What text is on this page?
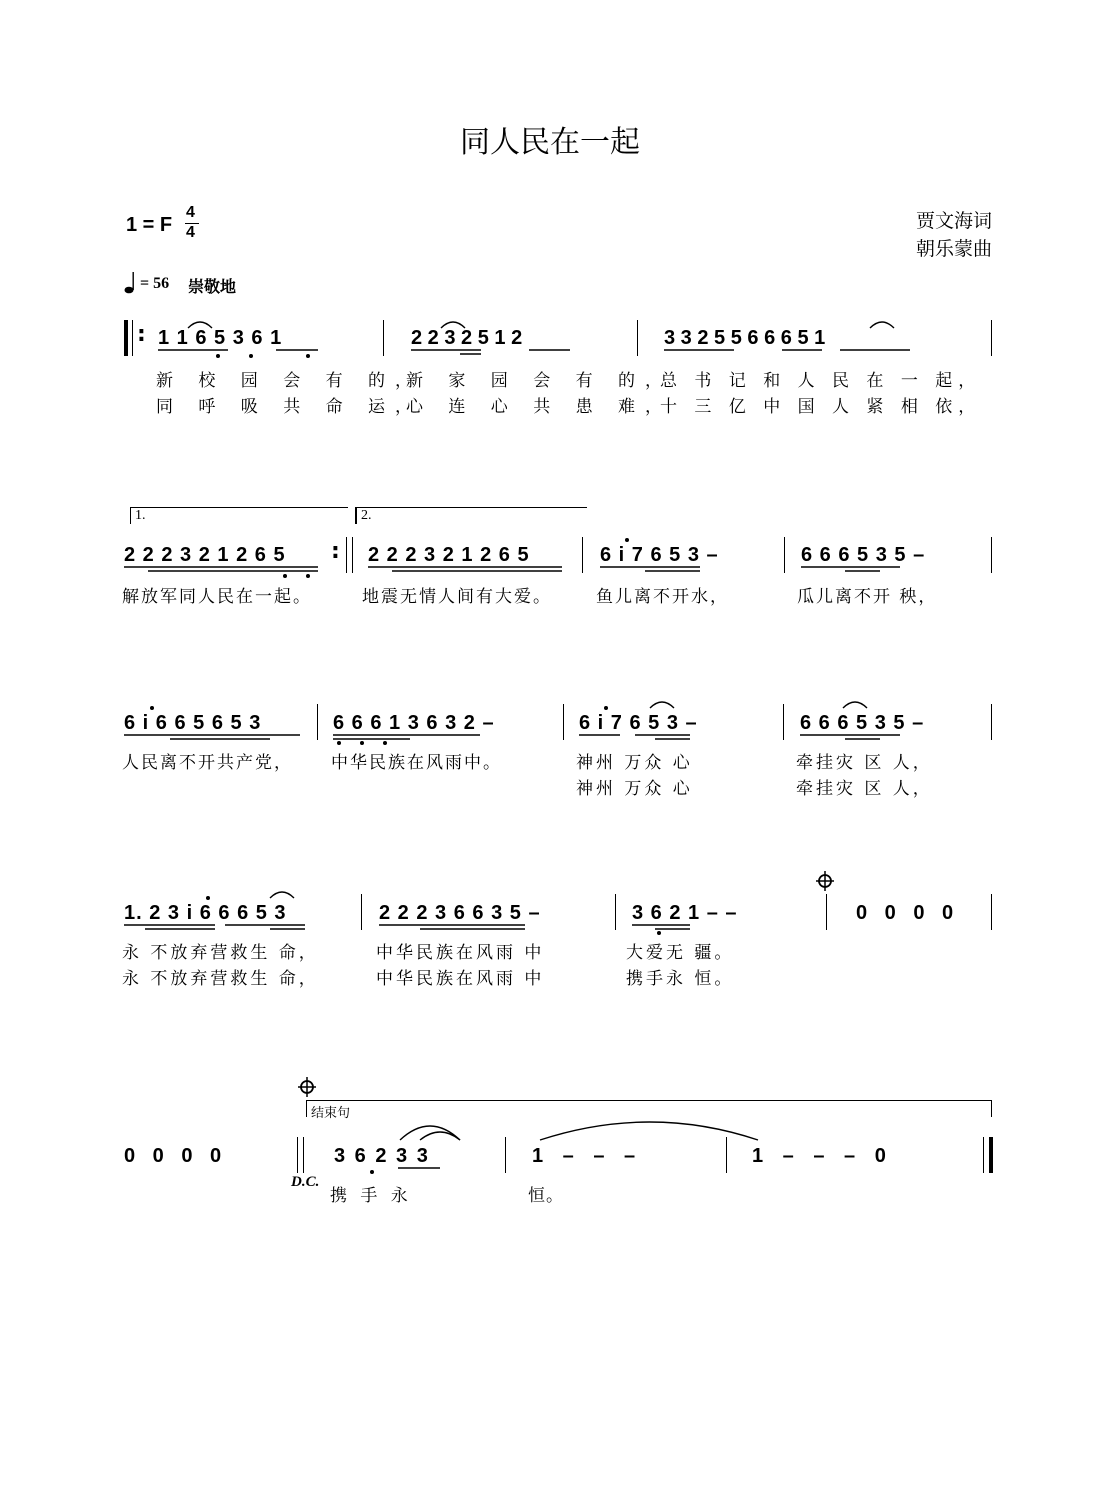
同人民在一起
1 = F
4
4
贾文海词
朝乐蒙曲
= 56 崇敬地
: 1 1 6 5 3 6 1	2 2 3 2 5 1 2	3 3 2 5 5 6 6 6 5 1
新 校 园 会 有 的，
新 家 园 会 有 的，
总 书 记 和 人 民 在 一 起，
同 呼 吸 共 命 运，
心 连 心 共 患 难，
十 三 亿 中 国 人 紧 相 依，
1.	2.
2 2 2 3 2 1 2 6 5 : 2 2 2 3 2 1 2 6 5	6 i 7 6 5 3 –	6 6 6 5 3 5 –
解放军同人民在一起。	地震无情人间有大爱。	鱼儿离不开水，	瓜儿离不开 秧，
6 i 6 6 5 6 5 3	6 6 6 1 3 6 3 2 –	6 i 7 6 5 3 –	6 6 6 5 3 5 –
人民离不开共产党， 中华民族在风雨中。	神州 万众 心	牵挂灾 区 人，
神州 万众 心	牵挂灾 区 人，
1. 2 3 i 6 6 6 5 3	2 2 2 3 6 6 3 5 –	3 6 2 1 – –	0 0 0 0
永 不放弃营救生 命，	中华民族在风雨 中	大爱无 疆。
永 不放弃营救生 命，	中华民族在风雨 中	携手永 恒。
结束句
0 0 0 0
D.C.
3 6 2 3 3	1 – – –	1 – – – 0
携 手 永	恒。
